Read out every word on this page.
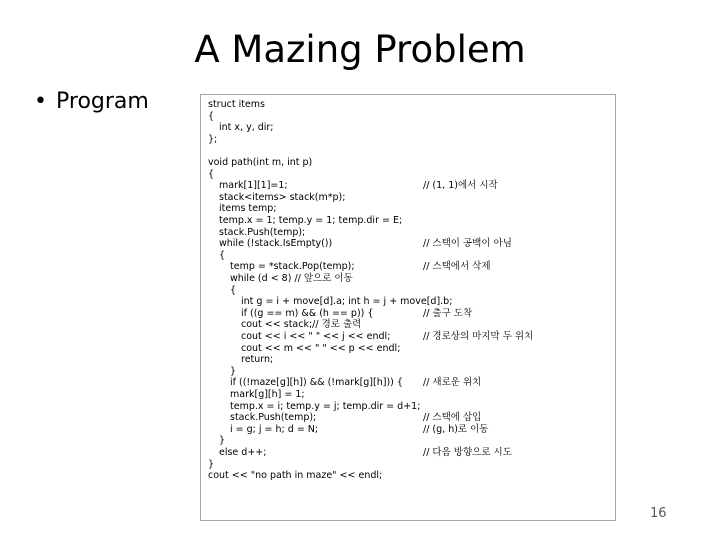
A Mazing Problem
• Program	struct items
{
int x, y, dir;
};
void path(int m, int p)
{
mark[1][1]=1;	// (1, 1)에서 시작
stack<items> stack(m*p);
items temp;
temp.x = 1; temp.y = 1; temp.dir = E;
stack.Push(temp);
while (!stack.IsEmpty())	// 스택이 공백이 아님
{
temp = *stack.Pop(temp);	// 스택에서 삭제
while (d < 8) // 앞으로 이동
{
int g = i + move[d].a; int h = j + move[d].b;
if ((g == m) && (h == p)) {	// 출구 도착
cout << stack;// 경로 출력
cout << i << " " << j << endl;	// 경로상의 마지막 두 위치
cout << m << " " << p << endl;
return;
}
if ((!maze[g][h]) && (!mark[g][h])) { // 새로운 위치
mark[g][h] = 1;
temp.x = i; temp.y = j; temp.dir = d+1;
stack.Push(temp);	// 스택에 삽입
i = g; j = h; d = N;	// (g, h)로 이동
}
else d++;	// 다음 방향으로 시도
}
cout << "no path in maze" << endl;
16
